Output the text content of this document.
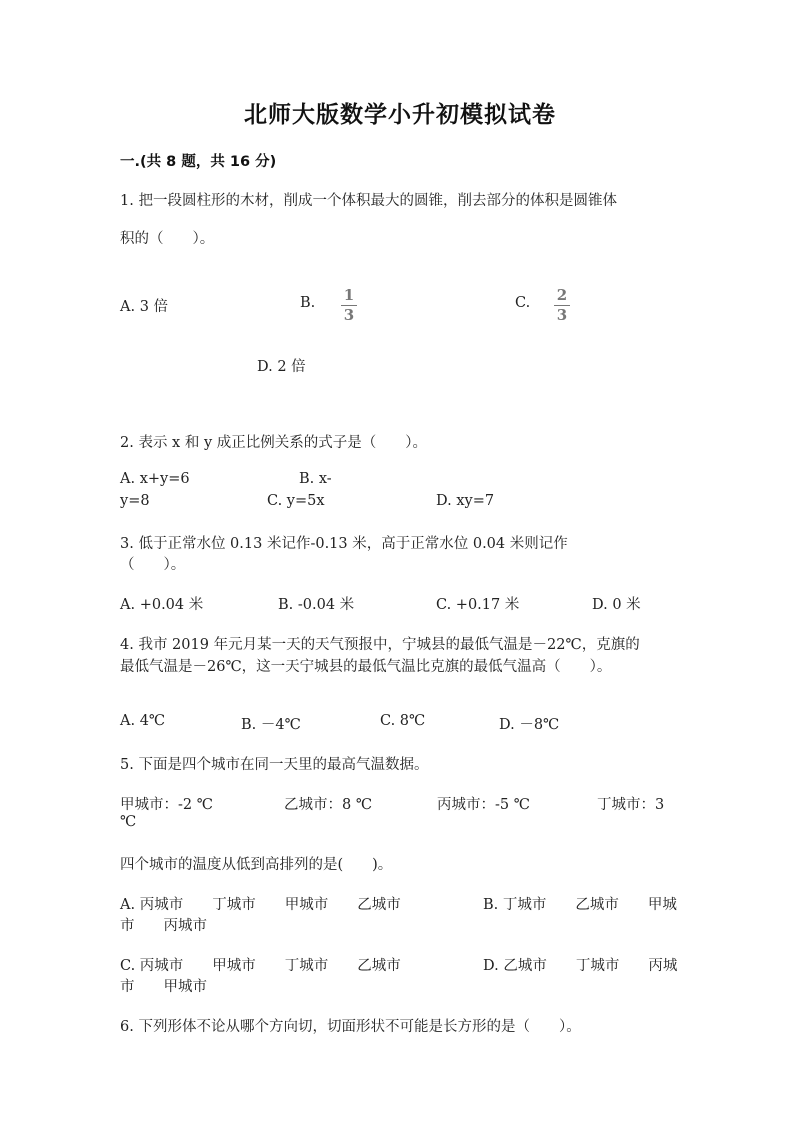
北师大版数学小升初模拟试卷
一.(共 8 题，共 16 分)
1. 把一段圆柱形的木材，削成一个体积最大的圆锥，削去部分的体积是圆锥体
积的（　　）。
A. 3 倍	B.	1
3
C.	2
3
D. 2 倍
2. 表示 x 和 y 成正比例关系的式子是（　　）。
A. x+y=6	B. x-
y=8	C. y=5x	D. xy=7
3. 低于正常水位 0.13 米记作-0.13 米，高于正常水位 0.04 米则记作
（　　）。
A. +0.04 米	B. -0.04 米	C. +0.17 米	D. 0 米
4. 我市 2019 年元月某一天的天气预报中，宁城县的最低气温是－22℃，克旗的
最低气温是－26℃，这一天宁城县的最低气温比克旗的最低气温高（　　）。
A. 4℃	B. －4℃	C. 8℃	D. －8℃
5. 下面是四个城市在同一天里的最高气温数据。
甲城市：-2 ℃	乙城市：8 ℃	丙城市：-5 ℃	丁城市：3
℃
四个城市的温度从低到高排列的是(　　)。
A. 丙城市　　丁城市　　甲城市　　乙城市	B. 丁城市　　乙城市　　甲城
市　　丙城市
C. 丙城市　　甲城市　　丁城市　　乙城市	D. 乙城市　　丁城市　　丙城
市　　甲城市
6. 下列形体不论从哪个方向切，切面形状不可能是长方形的是（　　）。
